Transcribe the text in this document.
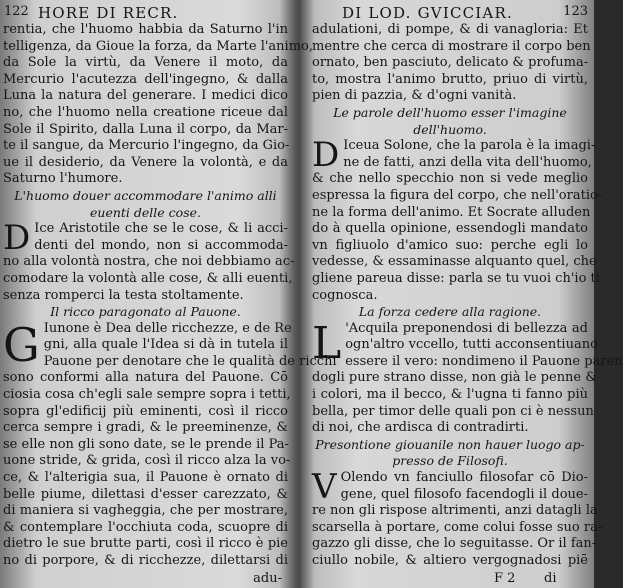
122 HORE DI RECR.
rentia, che l'huomo habbia da Saturno l'in
telligenza, da Gioue la forza, da Marte l'animo,
da Sole la virtù, da Venere il moto, da
Mercurio l'acutezza dell'ingegno, & dalla
Luna la natura del generare. I medici dico
no, che l'huomo nella creatione riceue dal
Sole il Spirito, dalla Luna il corpo, da Mar-
te il sangue, da Mercurio l'ingegno, da Gio-
ue il desiderio, da Venere la volontà, e da
Saturno l'humore.
L'huomo douer accommodare l'animo alli
euenti delle cose.
D Ice Aristotile che se le cose, & li acci-
denti del mondo, non si accommoda-
no alla volontà nostra, che noi debbiamo ac-
comodare la volontà alle cose, & alli euenti,
senza romperci la testa stoltamente.
Il ricco paragonato al Pauone.
G Iunone è Dea delle ricchezze, e de Re
gni, alla quale l'Idea si dà in tutela il
Pauone per denotare che le qualità de ricchi
sono conformi alla natura del Pauone. Cō
ciosia cosa ch'egli sale sempre sopra i tetti,
sopra gl'edificij più eminenti, così il ricco
cerca sempre i gradi, & le preeminenze, &
se elle non gli sono date, se le prende il Pa-
uone stride, & grida, così il ricco alza la vo-
ce, & l'alterigia sua, il Pauone è ornato di
belle piume, dilettasi d'esser carezzato, &
di maniera si vagheggia, che per mostrare,
& contemplare l'occhiuta coda, scuopre di
dietro le sue brutte parti, così il ricco è pie
no di porpore, & di ricchezze, dilettarsi di
adu-
DI LOD. GVICCIAR.	123
adulationi, di pompe, & di vanagloria: Et
mentre che cerca di mostrare il corpo ben
ornato, ben pasciuto, delicato & profuma-
to, mostra l'animo brutto, priuo di virtù,
pien di pazzia, & d'ogni vanità.
Le parole dell'huomo esser l'imagine
dell'huomo.
D Iceua Solone, che la parola è la imagi-
ne de fatti, anzi della vita dell'huomo,
& che nello specchio non si vede meglio
espressa la figura del corpo, che nell'oratio-
ne la forma dell'animo. Et Socrate alluden
do à quella opinione, essendogli mandato
vn figliuolo d'amico suo: perche egli lo
vedesse, & essaminasse alquanto quel, che
gliene pareua disse: parla se tu vuoi ch'io ti
cognosca.
La forza cedere alla ragione.
L 'Acquila preponendosi di bellezza ad
ogn'altro vccello, tutti acconsentiuano
essere il vero: nondimeno il Pauone paren
dogli pure strano disse, non già le penne &
i colori, ma il becco, & l'ugna ti fanno più
bella, per timor delle quali pon ci è nessun
di noi, che ardisca di contradirti.
Presontione giouanile non hauer luogo ap-
presso de Filosofi.
V Olendo vn fanciullo filosofar cō Dio-
gene, quel filosofo facendogli il doue-
re non gli rispose altrimenti, anzi datagli la
scarsella à portare, come colui fosse suo ra-
gazzo gli disse, che lo seguitasse. Or il fan-
ciullo nobile, & altiero vergognadosi piē
F 2 di
